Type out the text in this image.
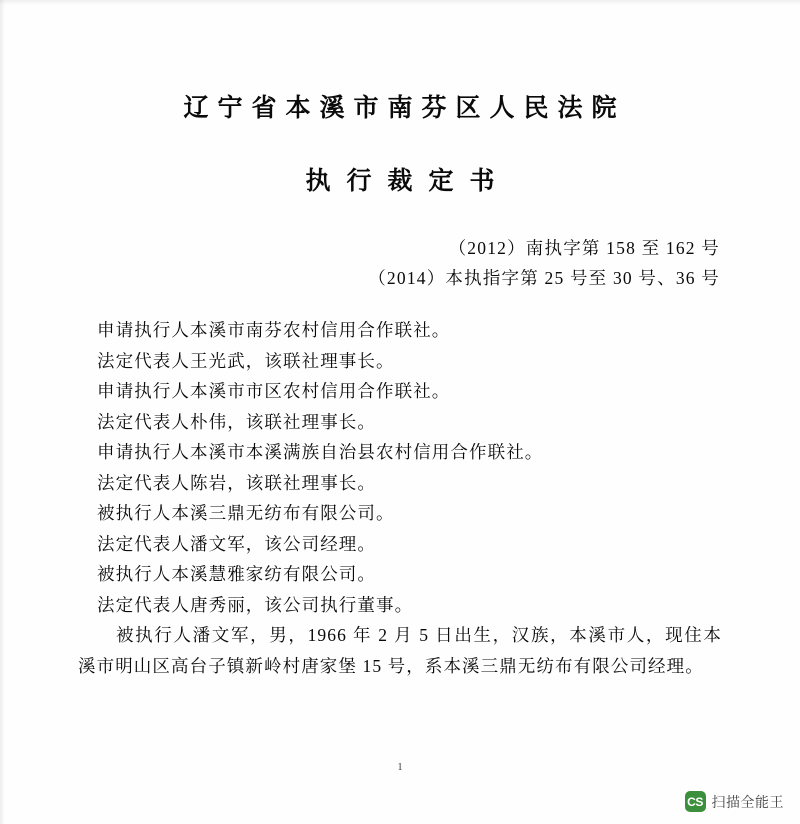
辽宁省本溪市南芬区人民法院
执行裁定书
（2012）南执字第 158 至 162 号
（2014）本执指字第 25 号至 30 号、36 号
申请执行人本溪市南芬农村信用合作联社。
法定代表人王光武，该联社理事长。
申请执行人本溪市市区农村信用合作联社。
法定代表人朴伟，该联社理事长。
申请执行人本溪市本溪满族自治县农村信用合作联社。
法定代表人陈岩，该联社理事长。
被执行人本溪三鼎无纺布有限公司。
法定代表人潘文军，该公司经理。
被执行人本溪慧雅家纺有限公司。
法定代表人唐秀丽，该公司执行董事。
被执行人潘文军，男，1966 年 2 月 5 日出生，汉族，本溪市人，现住本溪市明山区高台子镇新岭村唐家堡 15 号，系本溪三鼎无纺布有限公司经理。
1
CS 扫描全能王
